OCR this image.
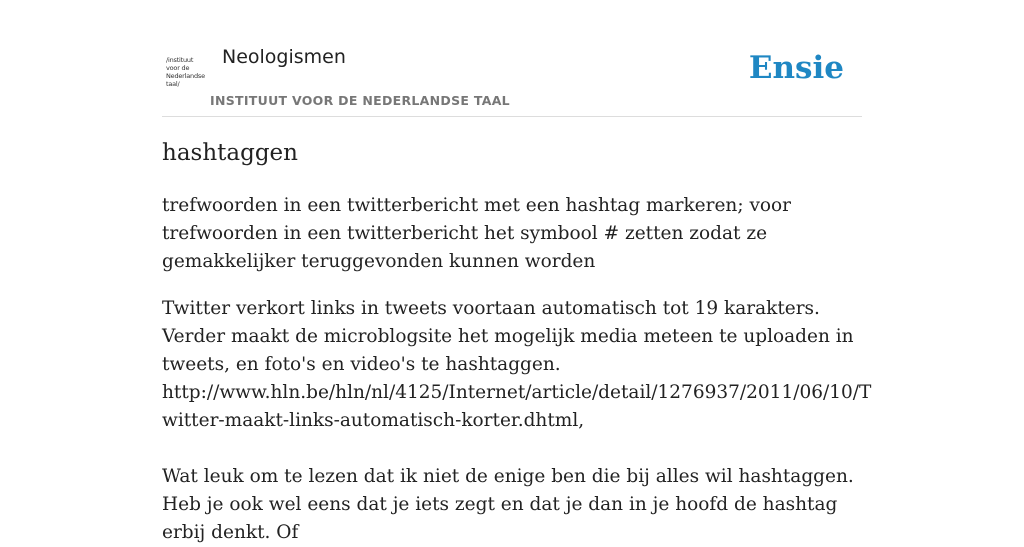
/instituut
voor de
Nederlandse
taal/
Neologismen
INSTITUUT VOOR DE NEDERLANDSE TAAL
Ensie
hashtaggen

trefwoorden in een twitterbericht met een hashtag markeren; voor trefwoorden in een twitterbericht het symbool # zetten zodat ze gemakkelijker teruggevonden kunnen worden

Twitter verkort links in tweets voortaan automatisch tot 19 karakters. Verder maakt de microblogsite het mogelijk media meteen te uploaden in tweets, en foto's en video's te hashtaggen.

http://www.hln.be/hln/nl/4125/Internet/article/detail/1276937/2011/06/10/Twitter-maakt-links-automatisch-korter.dhtml,

Wat leuk om te lezen dat ik niet de enige ben die bij alles wil hashtaggen. Heb je ook wel eens dat je iets zegt en dat je dan in je hoofd de hashtag erbij denkt. Of
